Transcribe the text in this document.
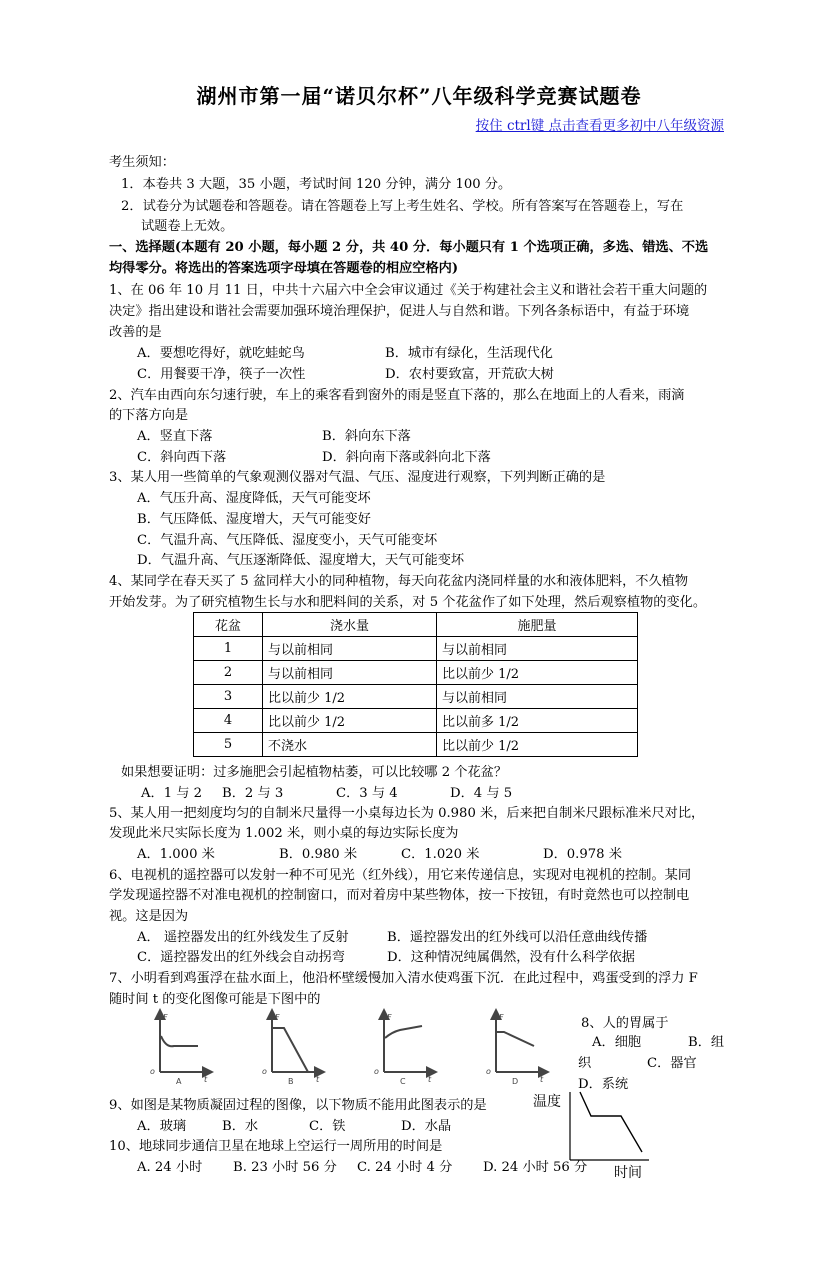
湖州市第一届“诺贝尔杯”八年级科学竞赛试题卷
按住 ctrl键 点击查看更多初中八年级资源
考生须知：
1．本卷共 3 大题，35 小题，考试时间 120 分钟，满分 100 分。
2．试卷分为试题卷和答题卷。请在答题卷上写上考生姓名、学校。所有答案写在答题卷上，写在
试题卷上无效。
一、选择题(本题有 20 小题，每小题 2 分，共 40 分．每小题只有 1 个选项正确，多选、错选、不选
均得零分。将选出的答案选项字母填在答题卷的相应空格内)
1、在 06 年 10 月 11 日，中共十六届六中全会审议通过《关于构建社会主义和谐社会若干重大问题的
决定》指出建设和谐社会需要加强环境治理保护，促进人与自然和谐。下列各条标语中，有益于环境
改善的是
A．要想吃得好，就吃蛙蛇鸟	B．城市有绿化，生活现代化
C．用餐要干净，筷子一次性	D．农村要致富，开荒砍大树
2、汽车由西向东匀速行驶，车上的乘客看到窗外的雨是竖直下落的，那么在地面上的人看来，雨滴
的下落方向是
A．竖直下落	B．斜向东下落
C．斜向西下落	D．斜向南下落或斜向北下落
3、某人用一些简单的气象观测仪器对气温、气压、湿度进行观察，下列判断正确的是
A．气压升高、湿度降低，天气可能变坏
B．气压降低、湿度增大，天气可能变好
C．气温升高、气压降低、湿度变小，天气可能变坏
D．气温升高、气压逐渐降低、湿度增大，天气可能变坏
4、某同学在春天买了 5 盆同样大小的同种植物，每天向花盆内浇同样量的水和液体肥料，不久植物
开始发芽。为了研究植物生长与水和肥料间的关系，对 5 个花盆作了如下处理，然后观察植物的变化。
花盆	浇水量	施肥量
1	与以前相同	与以前相同
2	与以前相同	比以前少 1/2
3	比以前少 1/2	与以前相同
4	比以前少 1/2	比以前多 1/2
5	不浇水	比以前少 1/2
如果想要证明：过多施肥会引起植物枯萎，可以比较哪 2 个花盆？
A．1 与 2 B．2 与 3	C．3 与 4	D．4 与 5
5、某人用一把刻度均匀的自制米尺量得一小桌每边长为 0.980 米，后来把自制米尺跟标准米尺对比，
发现此米尺实际长度为 1.002 米，则小桌的每边实际长度为
A．1.000 米	B．0.980 米	C．1.020 米	D．0.978 米
6、电视机的遥控器可以发射一种不可见光（红外线），用它来传递信息，实现对电视机的控制。某同
学发现遥控器不对准电视机的控制窗口，而对着房中某些物体，按一下按钮，有时竟然也可以控制电
视。这是因为
A． 遥控器发出的红外线发生了反射	B．遥控器发出的红外线可以沿任意曲线传播
C．遥控器发出的红外线会自动拐弯	D．这种情况纯属偶然，没有什么科学依据
7、小明看到鸡蛋浮在盐水面上，他沿杯壁缓慢加入清水使鸡蛋下沉．在此过程中，鸡蛋受到的浮力 F
随时间 t 的变化图像可能是下图中的
F
o
t
A
F
o
t
B
F
o
t
C
F
o
t
D
8、人的胃属于
A．细胞	B．组
织	C．器官
D．系统
9、如图是某物质凝固过程的图像，以下物质不能用此图表示的是
A．玻璃	B．水	C．铁	D．水晶
温度
时间
10、地球同步通信卫星在地球上空运行一周所用的时间是
A. 24 小时 B. 23 小时 56 分 C. 24 小时 4 分 D. 24 小时 56 分
